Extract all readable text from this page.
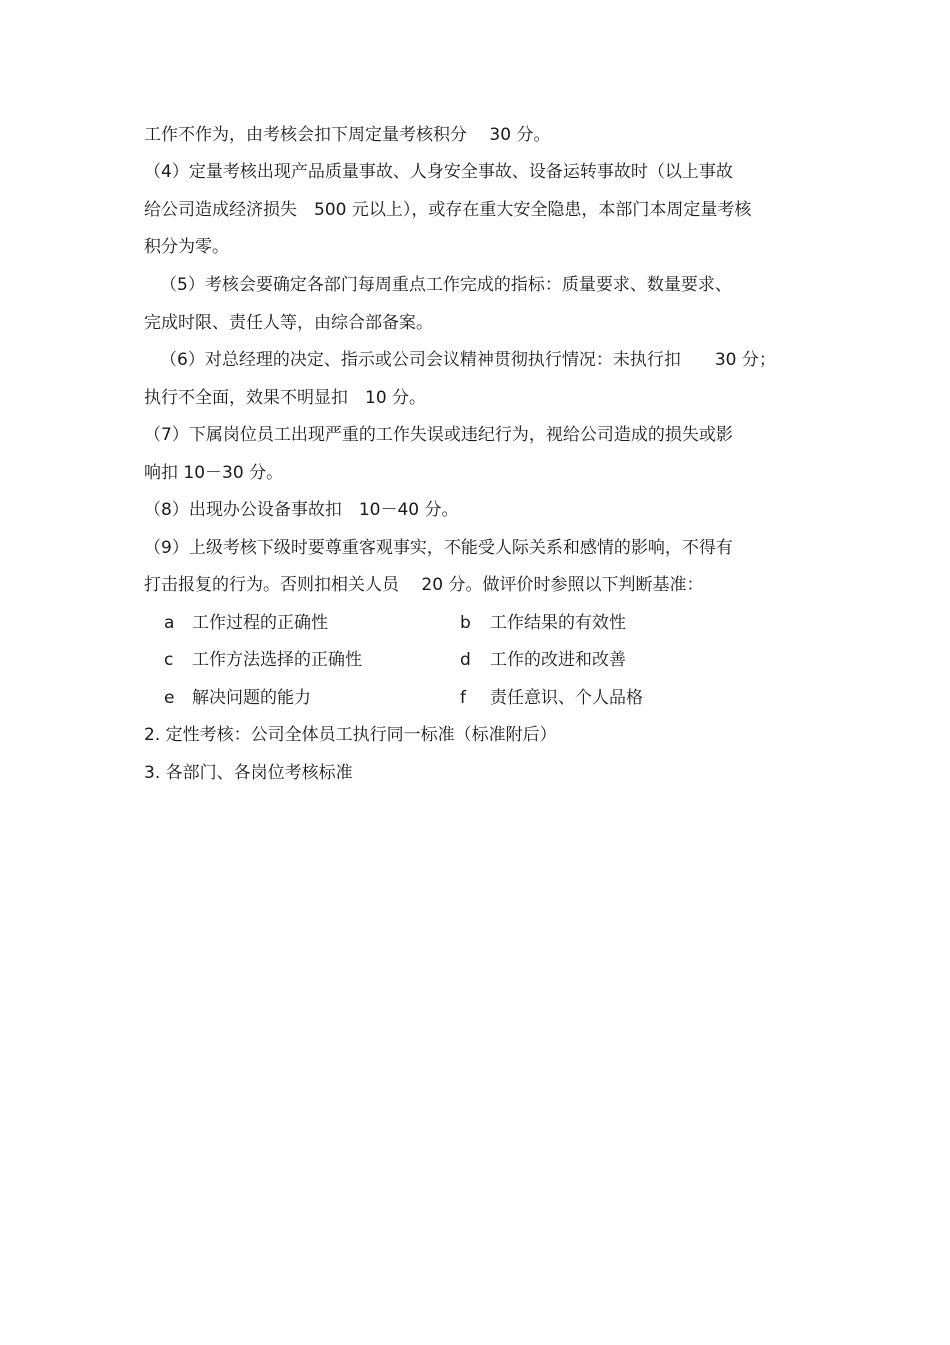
工作不作为，由考核会扣下周定量考核积分　 30 分。
（4）定量考核出现产品质量事故、人身安全事故、设备运转事故时（以上事故
给公司造成经济损失　500 元以上），或存在重大安全隐患，本部门本周定量考核
积分为零。
（5）考核会要确定各部门每周重点工作完成的指标：质量要求、数量要求、
完成时限、责任人等，由综合部备案。
（6）对总经理的决定、指示或公司会议精神贯彻执行情况：未执行扣　　30 分；
执行不全面，效果不明显扣　10 分。
（7）下属岗位员工出现严重的工作失误或违纪行为，视给公司造成的损失或影
响扣 10－30 分。
（8）出现办公设备事故扣　10－40 分。
（9）上级考核下级时要尊重客观事实，不能受人际关系和感情的影响，不得有
打击报复的行为。否则扣相关人员　 20 分。做评价时参照以下判断基准：
a 工作过程的正确性	b 工作结果的有效性
c 工作方法选择的正确性	d 工作的改进和改善
e 解决问题的能力	f 责任意识、个人品格
2. 定性考核：公司全体员工执行同一标准（标准附后）
3. 各部门、各岗位考核标准
